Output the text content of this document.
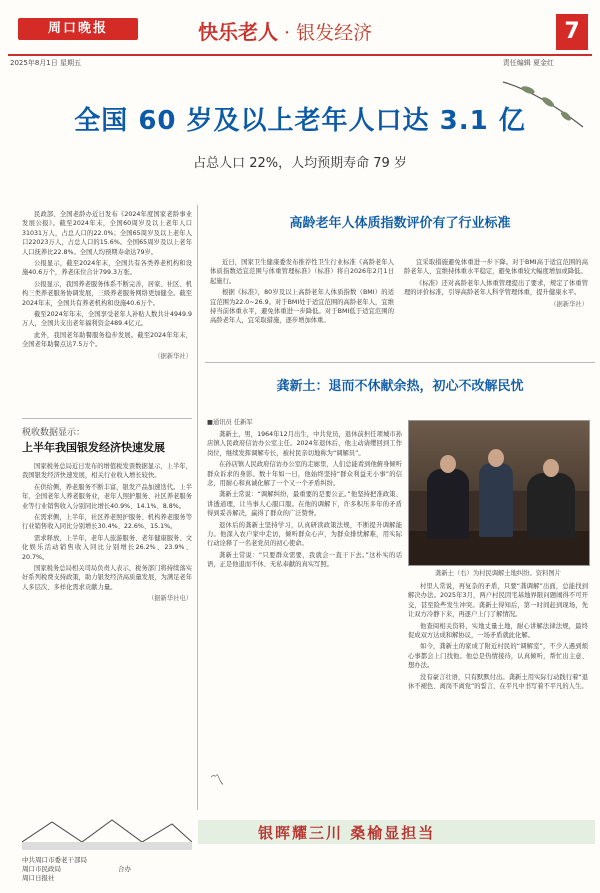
周口晚报	快乐老人 · 银发经济	7
2025年8月1日 星期五	责任编辑 夏金红
全国 60 岁及以上老年人口达 3.1 亿
占总人口 22%，人均预期寿命 79 岁

民政部、全国老龄办近日发布《2024年度国家老龄事业发展公报》。截至2024年末，全国60周岁及以上老年人口31031万人，占总人口的22.0%；全国65周岁及以上老年人口22023万人，占总人口的15.6%。全国65周岁及以上老年人口抚养比22.8%。全国人均预期寿命达79岁。

公报显示，截至2024年末，全国共有各类养老机构和设施40.6万个，养老床位合计799.3万张。

公报显示，我国养老服务体系不断完善，居家、社区、机构三类养老服务协调发展，三级养老服务网络更加健全。截至2024年末，全国共有养老机构和设施40.6万个。

截至2024年年末，全国享受老年人补贴人数共计4949.9万人，全国共支出老年福利资金489.4亿元。

此外，我国老年助餐服务稳步发展。截至2024年年末，全国老年助餐点达7.5万个。

（据新华社）
税收数据显示：
上半年我国银发经济快速发展

国家税务总局近日发布的增值税发票数据显示，上半年，我国银发经济快速发展，相关行业收入增长较快。

在供给侧，养老服务不断丰富，银发产品加速迭代。上半年，全国老年人养老服务业，老年人照护服务、社区养老服务业等行业销售收入分别同比增长40.9%、14.1%、8.8%。

在需求侧，上半年，社区养老照护服务、机构养老服务等行业销售收入同比分别增长30.4%、22.6%、15.1%。

需求释放，上半年，老年人旅游服务、老年健康服务、文化娱乐活动销售收入同比分别增长26.2%、23.9%、20.7%。

国家税务总局相关司局负责人表示，税务部门将持续落实好系列税费支持政策，助力银发经济高质量发展，为满足老年人多层次、多样化需求贡献力量。

（据新华社电）
高龄老年人体质指数评价有了行业标准

近日，国家卫生健康委发布推荐性卫生行业标准《高龄老年人体质指数适宜范围与体重管理标准》（标准）将自2026年2月1日起施行。

根据《标准》，80岁及以上高龄老年人体质指数（BMI）的适宜范围为22.0~26.9。对于BMI处于适宜范围的高龄老年人，宜维持当前体重水平，避免体重进一步降低。对于BMI低于适宜范围的高龄老年人，宜采取措施，逐步增加体重。

宜采取措施避免体重进一步下降。对于BMI高于适宜范围的高龄老年人，宜维持体重水平稳定，避免体重较大幅度增加或降低。

《标准》还对高龄老年人体重管理提出了要求，规定了体重管理的评价标准，引导高龄老年人科学管理体重，提升健康水平。

（据新华社）
龚新土：退而不休献余热，初心不改解民忧
■通讯员 任新军

龚新土，男，1964年12月出生，中共党员，退休前担任项城市孙店镇人民政府信访办公室主任。2024年退休后，他主动请缨回到工作岗位，继续发挥调解专长，被村民亲切地称为“调解员”。

在孙店镇人民政府信访办公室的走廊里，人们总能看到他俯身倾听群众诉求的身影。数十年如一日，他始终坚持“群众利益无小事”的信念，用耐心和真诚化解了一个又一个矛盾纠纷。

龚新土常说：“调解纠纷，最重要的是要公正。”他坚持把准政策、讲透道理，让当事人心服口服。在他的调解下，许多积压多年的矛盾得到妥善解决，赢得了群众的广泛赞誉。

退休后的龚新土坚持学习，认真研读政策法规，不断提升调解能力。他深入农户家中走访，倾听群众心声，为群众排忧解难，用实际行动诠释了一名老党员的初心使命。

龚新土常说：“只要群众需要，我就会一直干下去。”这朴实的话语，正是他退而不休、无私奉献的真实写照。

龚新土（右）为村民调解土地纠纷。资料图片

村里人常说，再复杂的矛盾，只要“龚调解”出面，总能找到解决办法。2025年3月，两户村民因宅基地界限问题闹得不可开交，甚至险些发生冲突。龚新土得知后，第一时间赶到现场，先让双方冷静下来，再逐户上门了解情况。

他查阅相关资料，实地丈量土地，耐心讲解法律法规，最终促成双方达成和解协议，一场矛盾就此化解。

如今，龚新土的家成了附近村民的“调解室”，不少人遇到烦心事都会上门找他。他总是热情接待，认真倾听，帮忙出主意、想办法。

没有豪言壮语，只有默默付出。龚新土用实际行动践行着“退休不褪色、离岗不离党”的誓言，在平凡中书写着不平凡的人生。

〽
银晖耀三川 桑榆显担当
中共周口市委老干部局
周口市民政局
周口日报社
合办
